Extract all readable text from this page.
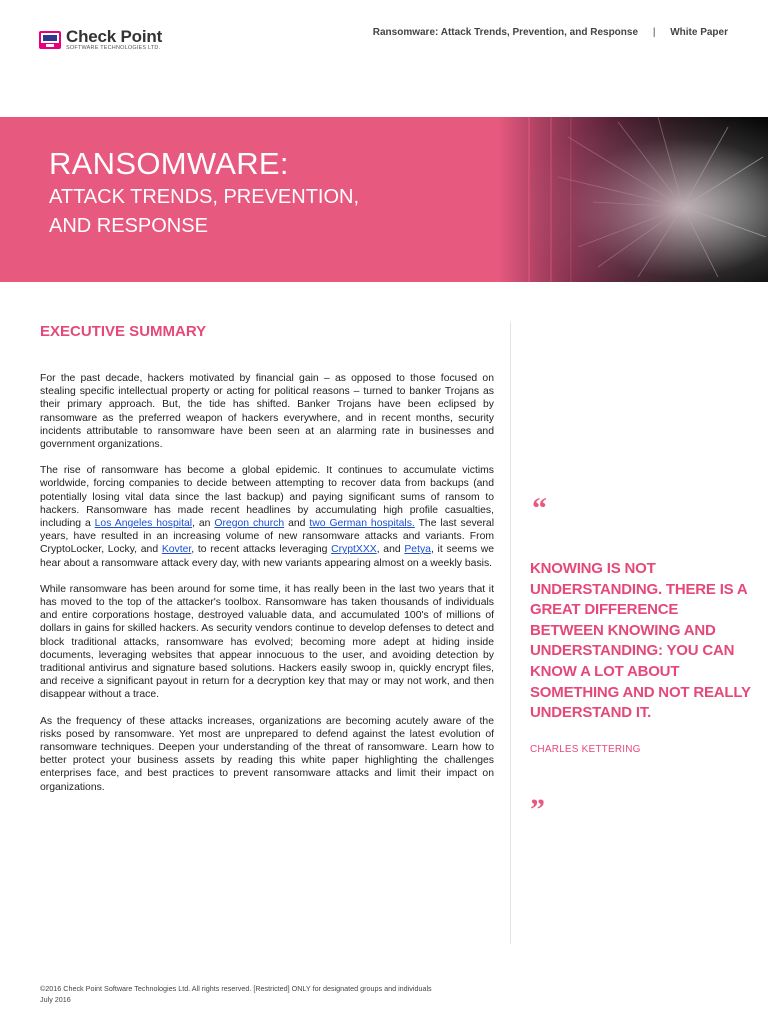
Check Point
SOFTWARE TECHNOLOGIES LTD.
Ransomware: Attack Trends, Prevention, and Response | White Paper
RANSOMWARE:
ATTACK TRENDS, PREVENTION,
AND RESPONSE
EXECUTIVE SUMMARY

For the past decade, hackers motivated by financial gain – as opposed to those focused on stealing specific intellectual property or acting for political reasons – turned to banker Trojans as their primary approach. But, the tide has shifted. Banker Trojans have been eclipsed by ransomware as the preferred weapon of hackers everywhere, and in recent months, security incidents attributable to ransomware have been seen at an alarming rate in businesses and government organizations.

The rise of ransomware has become a global epidemic. It continues to accumulate victims worldwide, forcing companies to decide between attempting to recover data from backups (and potentially losing vital data since the last backup) and paying significant sums of ransom to hackers. Ransomware has made recent headlines by accumulating high profile casualties, including a Los Angeles hospital, an Oregon church and two German hospitals. The last several years, have resulted in an increasing volume of new ransomware attacks and variants. From CryptoLocker, Locky, and Kovter, to recent attacks leveraging CryptXXX, and Petya, it seems we hear about a ransomware attack every day, with new variants appearing almost on a weekly basis.

While ransomware has been around for some time, it has really been in the last two years that it has moved to the top of the attacker's toolbox. Ransomware has taken thousands of individuals and entire corporations hostage, destroyed valuable data, and accumulated 100's of millions of dollars in gains for skilled hackers. As security vendors continue to develop defenses to detect and block traditional attacks, ransomware has evolved; becoming more adept at hiding inside documents, leveraging websites that appear innocuous to the user, and avoiding detection by traditional antivirus and signature based solutions. Hackers easily swoop in, quickly encrypt files, and receive a significant payout in return for a decryption key that may or may not work, and then disappear without a trace.

As the frequency of these attacks increases, organizations are becoming acutely aware of the risks posed by ransomware. Yet most are unprepared to defend against the latest evolution of ransomware techniques. Deepen your understanding of the threat of ransomware. Learn how to better protect your business assets by reading this white paper highlighting the challenges enterprises face, and best practices to prevent ransomware attacks and limit their impact on organizations.

“
KNOWING IS NOT UNDERSTANDING. THERE IS A GREAT DIFFERENCE BETWEEN KNOWING AND UNDERSTANDING: YOU CAN KNOW A LOT ABOUT SOMETHING AND NOT REALLY UNDERSTAND IT.
CHARLES KETTERING
”
©2016 Check Point Software Technologies Ltd. All rights reserved. [Restricted] ONLY for designated groups and individuals
July 2016
